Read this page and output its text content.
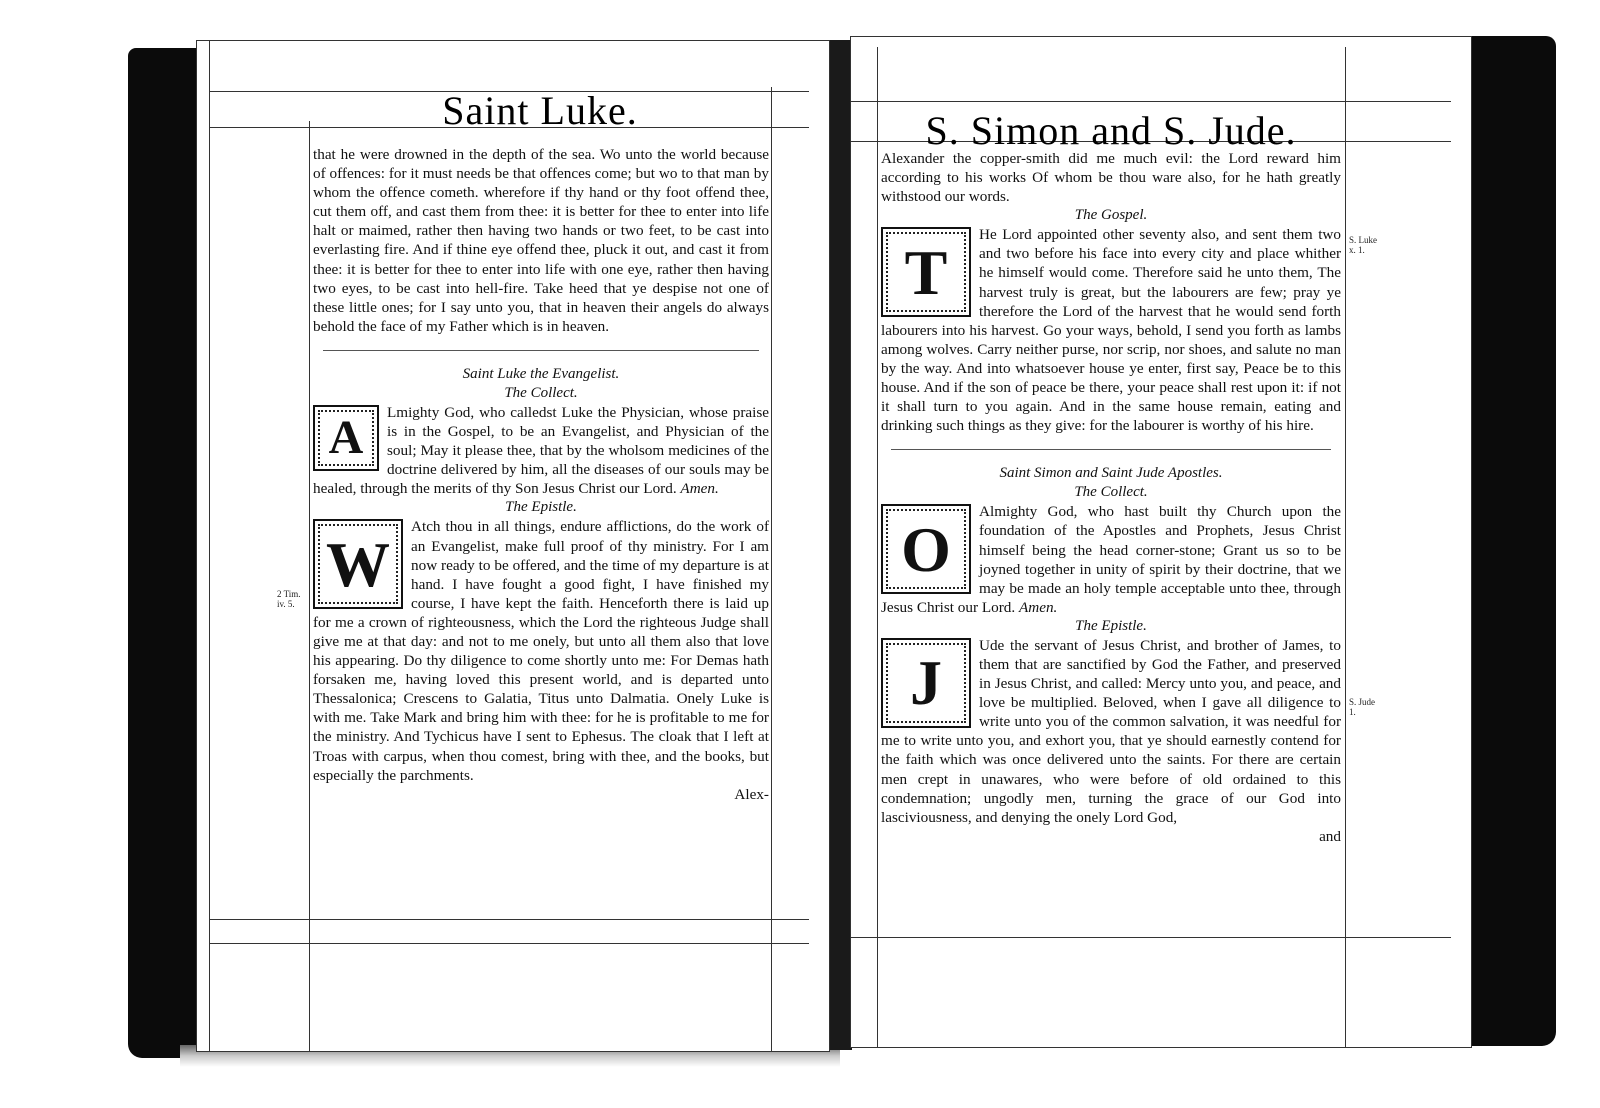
Saint Luke.
2 Tim. iv. 5.

that he were drowned in the depth of the sea. Wo unto the world because of offences: for it must needs be that offences come; but wo to that man by whom the offence cometh. wherefore if thy hand or thy foot offend thee, cut them off, and cast them from thee: it is better for thee to enter into life halt or maimed, rather then having two hands or two feet, to be cast into everlasting fire. And if thine eye offend thee, pluck it out, and cast it from thee: it is better for thee to enter into life with one eye, rather then having two eyes, to be cast into hell-fire. Take heed that ye despise not one of these little ones; for I say unto you, that in heaven their angels do always behold the face of my Father which is in heaven.

Saint Luke the Evangelist.

The Collect.

A	Lmighty God, who calledst Luke the Physician, whose praise is in the Gospel, to be an Evangelist, and Physician of the soul; May it please thee, that by the wholsom medicines of the doctrine delivered by him, all the diseases of our souls may be healed, through the merits of thy Son Jesus Christ our Lord. Amen.

The Epistle.

W
Atch thou in all things, endure afflictions, do the work of an Evangelist, make full proof of thy ministry. For I am now ready to be offered, and the time of my departure is at hand. I have fought a good fight, I have finished my course, I have kept the faith. Henceforth there is laid up for me a crown of righteousness, which the Lord the righteous Judge shall give me at that day: and not to me onely, but unto all them also that love his appearing. Do thy diligence to come shortly unto me: For Demas hath forsaken me, having loved this present world, and is departed unto Thessalonica; Crescens to Galatia, Titus unto Dalmatia. Onely Luke is with me. Take Mark and bring him with thee: for he is profitable to me for the ministry. And Tychicus have I sent to Ephesus. The cloak that I left at Troas with carpus, when thou comest, bring with thee, and the books, but especially the parchments.

Alex-

S. Simon and S. Jude.
S. Luke x. 1.
S. Jude 1.

Alexander the copper-smith did me much evil: the Lord reward him according to his works Of whom be thou ware also, for he hath greatly withstood our words.

The Gospel.

T
He Lord appointed other seventy also, and sent them two and two before his face into every city and place whither he himself would come. Therefore said he unto them, The harvest truly is great, but the labourers are few; pray ye therefore the Lord of the harvest that he would send forth labourers into his harvest. Go your ways, behold, I send you forth as lambs among wolves. Carry neither purse, nor scrip, nor shoes, and salute no man by the way. And into whatsoever house ye enter, first say, Peace be to this house. And if the son of peace be there, your peace shall rest upon it: if not it shall turn to you again. And in the same house remain, eating and drinking such things as they give: for the labourer is worthy of his hire.

Saint Simon and Saint Jude Apostles.

The Collect.

O
Almighty God, who hast built thy Church upon the foundation of the Apostles and Prophets, Jesus Christ himself being the head corner-stone; Grant us so to be joyned together in unity of spirit by their doctrine, that we may be made an holy temple acceptable unto thee, through Jesus Christ our Lord. Amen.

The Epistle.

J
Ude the servant of Jesus Christ, and brother of James, to them that are sanctified by God the Father, and preserved in Jesus Christ, and called: Mercy unto you, and peace, and love be multiplied. Beloved, when I gave all diligence to write unto you of the common salvation, it was needful for me to write unto you, and exhort you, that ye should earnestly contend for the faith which was once delivered unto the saints. For there are certain men crept in unawares, who were before of old ordained to this condemnation; ungodly men, turning the grace of our God into lasciviousness, and denying the onely Lord God,

and
